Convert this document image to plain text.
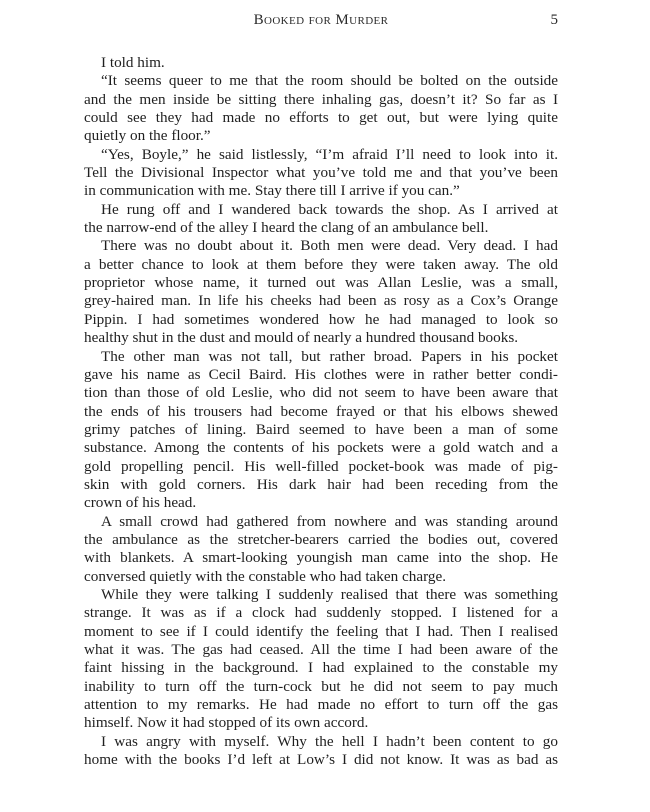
Booked for Murder	5
I told him.
“It seems queer to me that the room should be bolted on the outside
and the men inside be sitting there inhaling gas, doesn’t it? So far as I
could see they had made no efforts to get out, but were lying quite
quietly on the floor.”
“Yes, Boyle,” he said listlessly, “I’m afraid I’ll need to look into it.
Tell the Divisional Inspector what you’ve told me and that you’ve been
in communication with me. Stay there till I arrive if you can.”
He rung off and I wandered back towards the shop. As I arrived at
the narrow-end of the alley I heard the clang of an ambulance bell.
There was no doubt about it. Both men were dead. Very dead. I had
a better chance to look at them before they were taken away. The old
proprietor whose name, it turned out was Allan Leslie, was a small,
grey-haired man. In life his cheeks had been as rosy as a Cox’s Orange
Pippin. I had sometimes wondered how he had managed to look so
healthy shut in the dust and mould of nearly a hundred thousand books.
The other man was not tall, but rather broad. Papers in his pocket
gave his name as Cecil Baird. His clothes were in rather better condi-
tion than those of old Leslie, who did not seem to have been aware that
the ends of his trousers had become frayed or that his elbows shewed
grimy patches of lining. Baird seemed to have been a man of some
substance. Among the contents of his pockets were a gold watch and a
gold propelling pencil. His well-filled pocket-book was made of pig-
skin with gold corners. His dark hair had been receding from the
crown of his head.
A small crowd had gathered from nowhere and was standing around
the ambulance as the stretcher-bearers carried the bodies out, covered
with blankets. A smart-looking youngish man came into the shop. He
conversed quietly with the constable who had taken charge.
While they were talking I suddenly realised that there was something
strange. It was as if a clock had suddenly stopped. I listened for a
moment to see if I could identify the feeling that I had. Then I realised
what it was. The gas had ceased. All the time I had been aware of the
faint hissing in the background. I had explained to the constable my
inability to turn off the turn-cock but he did not seem to pay much
attention to my remarks. He had made no effort to turn off the gas
himself. Now it had stopped of its own accord.
I was angry with myself. Why the hell I hadn’t been content to go
home with the books I’d left at Low’s I did not know. It was as bad as
